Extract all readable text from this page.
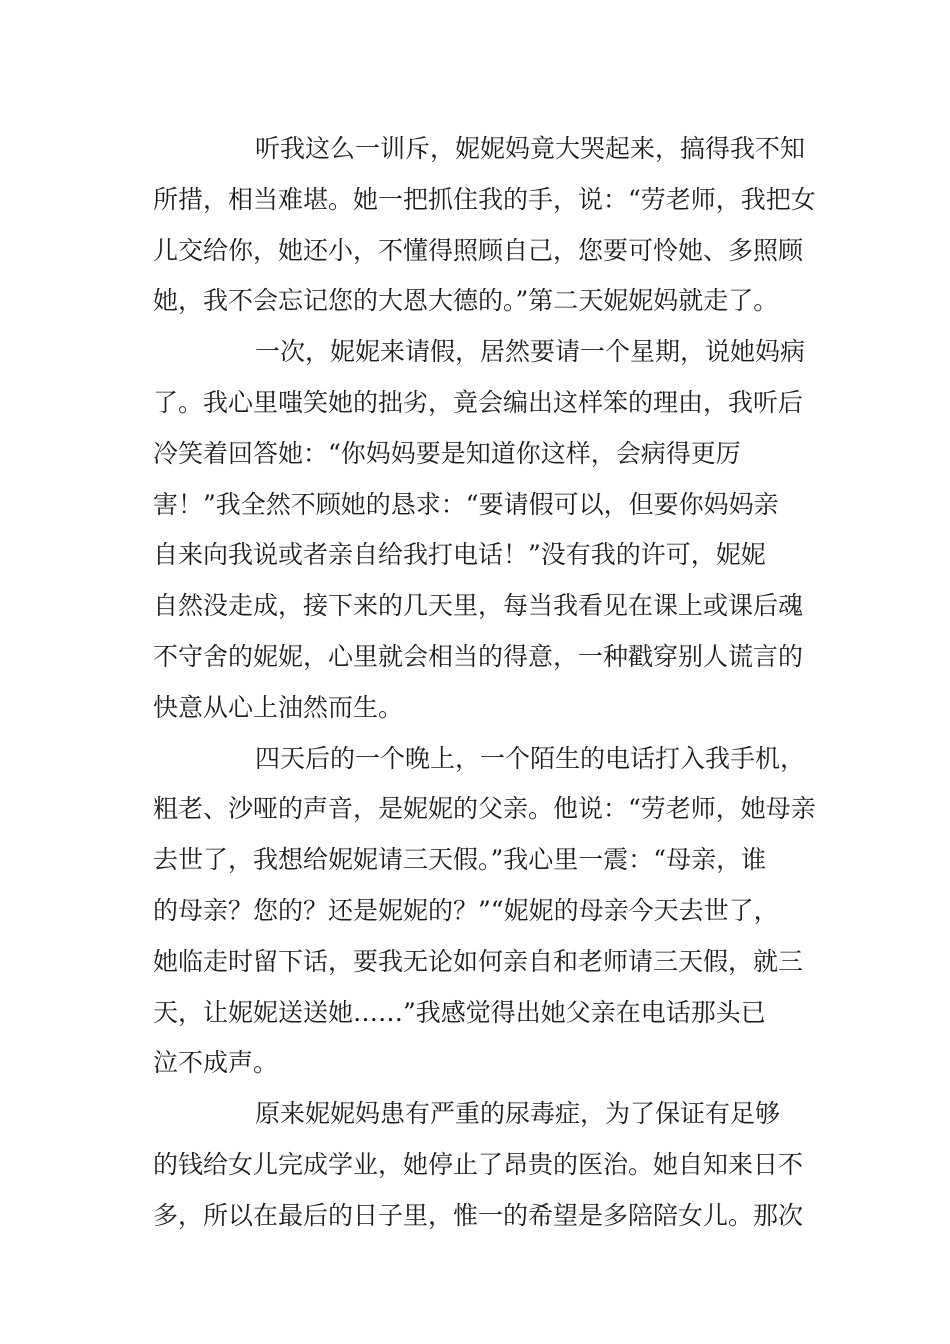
听我这么一训斥，妮妮妈竟大哭起来，搞得我不知
所措，相当难堪。她一把抓住我的手，说：“劳老师，我把女
儿交给你，她还小，不懂得照顾自己，您要可怜她、多照顾
她，我不会忘记您的大恩大德的。”第二天妮妮妈就走了。
一次，妮妮来请假，居然要请一个星期，说她妈病
了。我心里嗤笑她的拙劣，竟会编出这样笨的理由，我听后
冷笑着回答她：“你妈妈要是知道你这样，会病得更厉
害！”我全然不顾她的恳求：“要请假可以，但要你妈妈亲
自来向我说或者亲自给我打电话！”没有我的许可，妮妮
自然没走成，接下来的几天里，每当我看见在课上或课后魂
不守舍的妮妮，心里就会相当的得意，一种戳穿别人谎言的
快意从心上油然而生。
四天后的一个晚上，一个陌生的电话打入我手机，
粗老、沙哑的声音，是妮妮的父亲。他说：“劳老师，她母亲
去世了，我想给妮妮请三天假。”我心里一震：“母亲，谁
的母亲？您的？还是妮妮的？”“妮妮的母亲今天去世了，
她临走时留下话，要我无论如何亲自和老师请三天假，就三
天，让妮妮送送她……”我感觉得出她父亲在电话那头已
泣不成声。
原来妮妮妈患有严重的尿毒症，为了保证有足够
的钱给女儿完成学业，她停止了昂贵的医治。她自知来日不
多，所以在最后的日子里，惟一的希望是多陪陪女儿。那次
